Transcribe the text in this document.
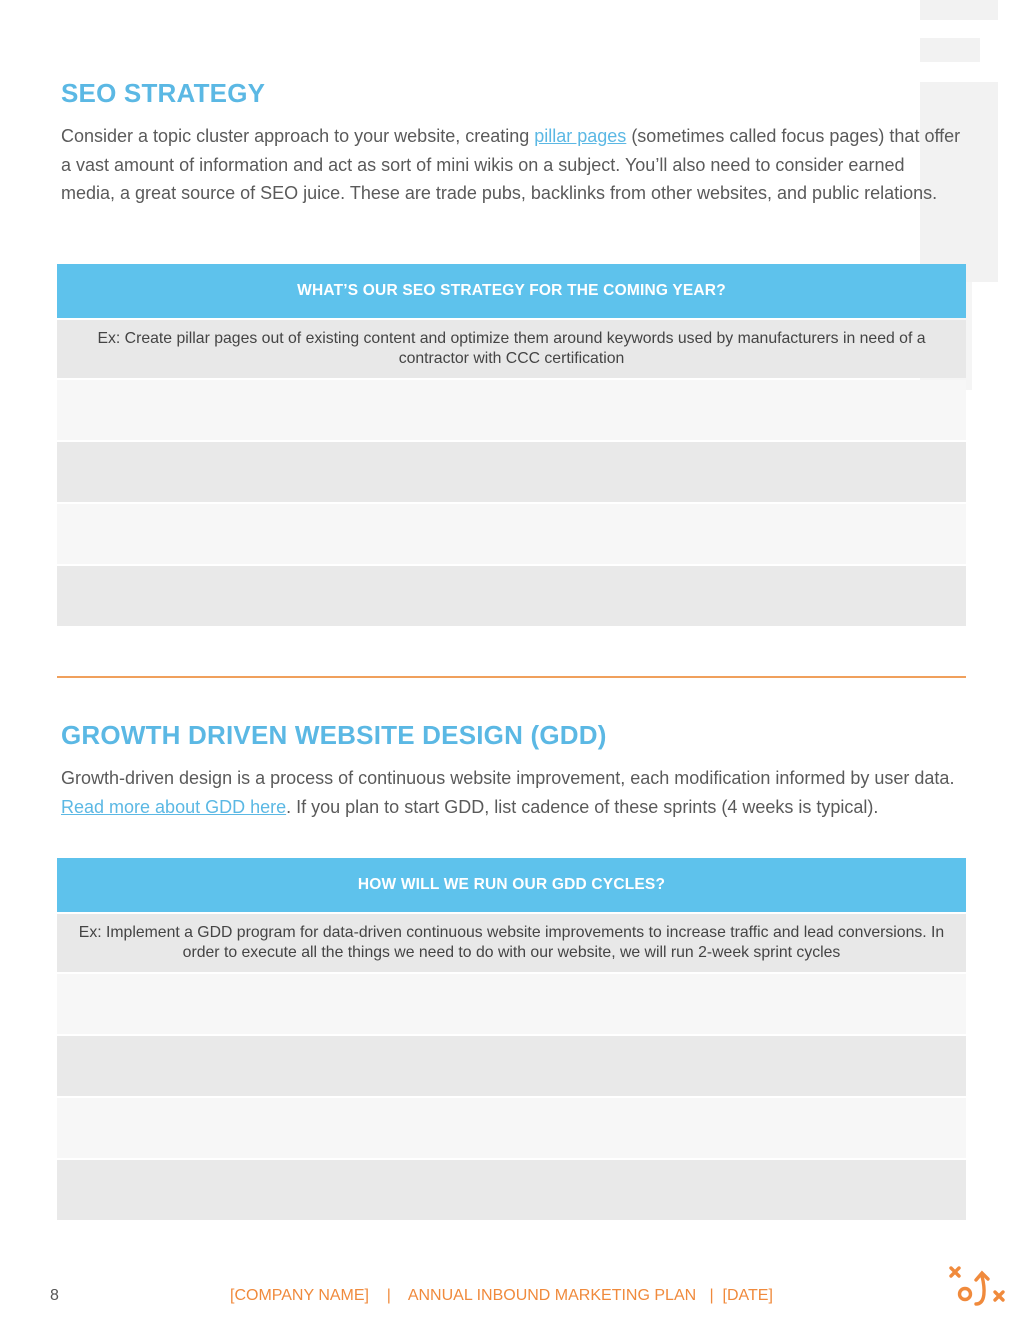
SEO STRATEGY

Consider a topic cluster approach to your website, creating pillar pages (sometimes called focus pages) that offer a vast amount of information and act as sort of mini wikis on a subject. You’ll also need to consider earned media, a great source of SEO juice. These are trade pubs, backlinks from other websites, and public relations.

WHAT’S OUR SEO STRATEGY FOR THE COMING YEAR?
Ex: Create pillar pages out of existing content and optimize them around keywords used by manufacturers in need of a contractor with CCC certification
GROWTH DRIVEN WEBSITE DESIGN (GDD)

Growth-driven design is a process of continuous website improvement, each modification informed by user data. Read more about GDD here. If you plan to start GDD, list cadence of these sprints (4 weeks is typical).

HOW WILL WE RUN OUR GDD CYCLES?
Ex: Implement a GDD program for data-driven continuous website improvements to increase traffic and lead conversions. In order to execute all the things we need to do with our website, we will run 2-week sprint cycles
8	[COMPANY NAME]    |    ANNUAL INBOUND MARKETING PLAN   |  [DATE]
